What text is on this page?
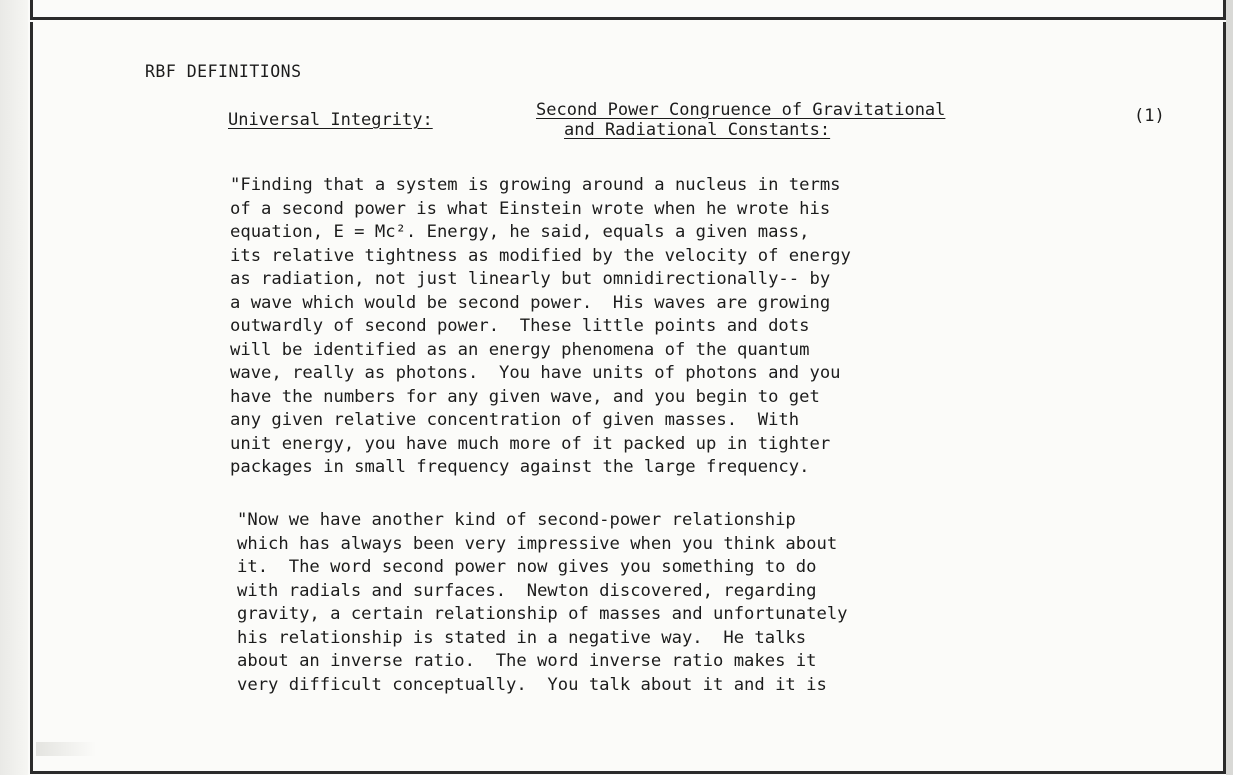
RBF DEFINITIONS
Universal Integrity:	Second Power Congruence of Gravitational
and Radiational Constants:
(1)

"Finding that a system is growing around a nucleus in terms
of a second power is what Einstein wrote when he wrote his
equation, E = Mc². Energy, he said, equals a given mass,
its relative tightness as modified by the velocity of energy
as radiation, not just linearly but omnidirectionally-- by
a wave which would be second power.  His waves are growing
outwardly of second power.  These little points and dots
will be identified as an energy phenomena of the quantum
wave, really as photons.  You have units of photons and you
have the numbers for any given wave, and you begin to get
any given relative concentration of given masses.  With
unit energy, you have much more of it packed up in tighter
packages in small frequency against the large frequency.

"Now we have another kind of second-power relationship
which has always been very impressive when you think about
it.  The word second power now gives you something to do
with radials and surfaces.  Newton discovered, regarding
gravity, a certain relationship of masses and unfortunately
his relationship is stated in a negative way.  He talks
about an inverse ratio.  The word inverse ratio makes it
very difficult conceptually.  You talk about it and it is
